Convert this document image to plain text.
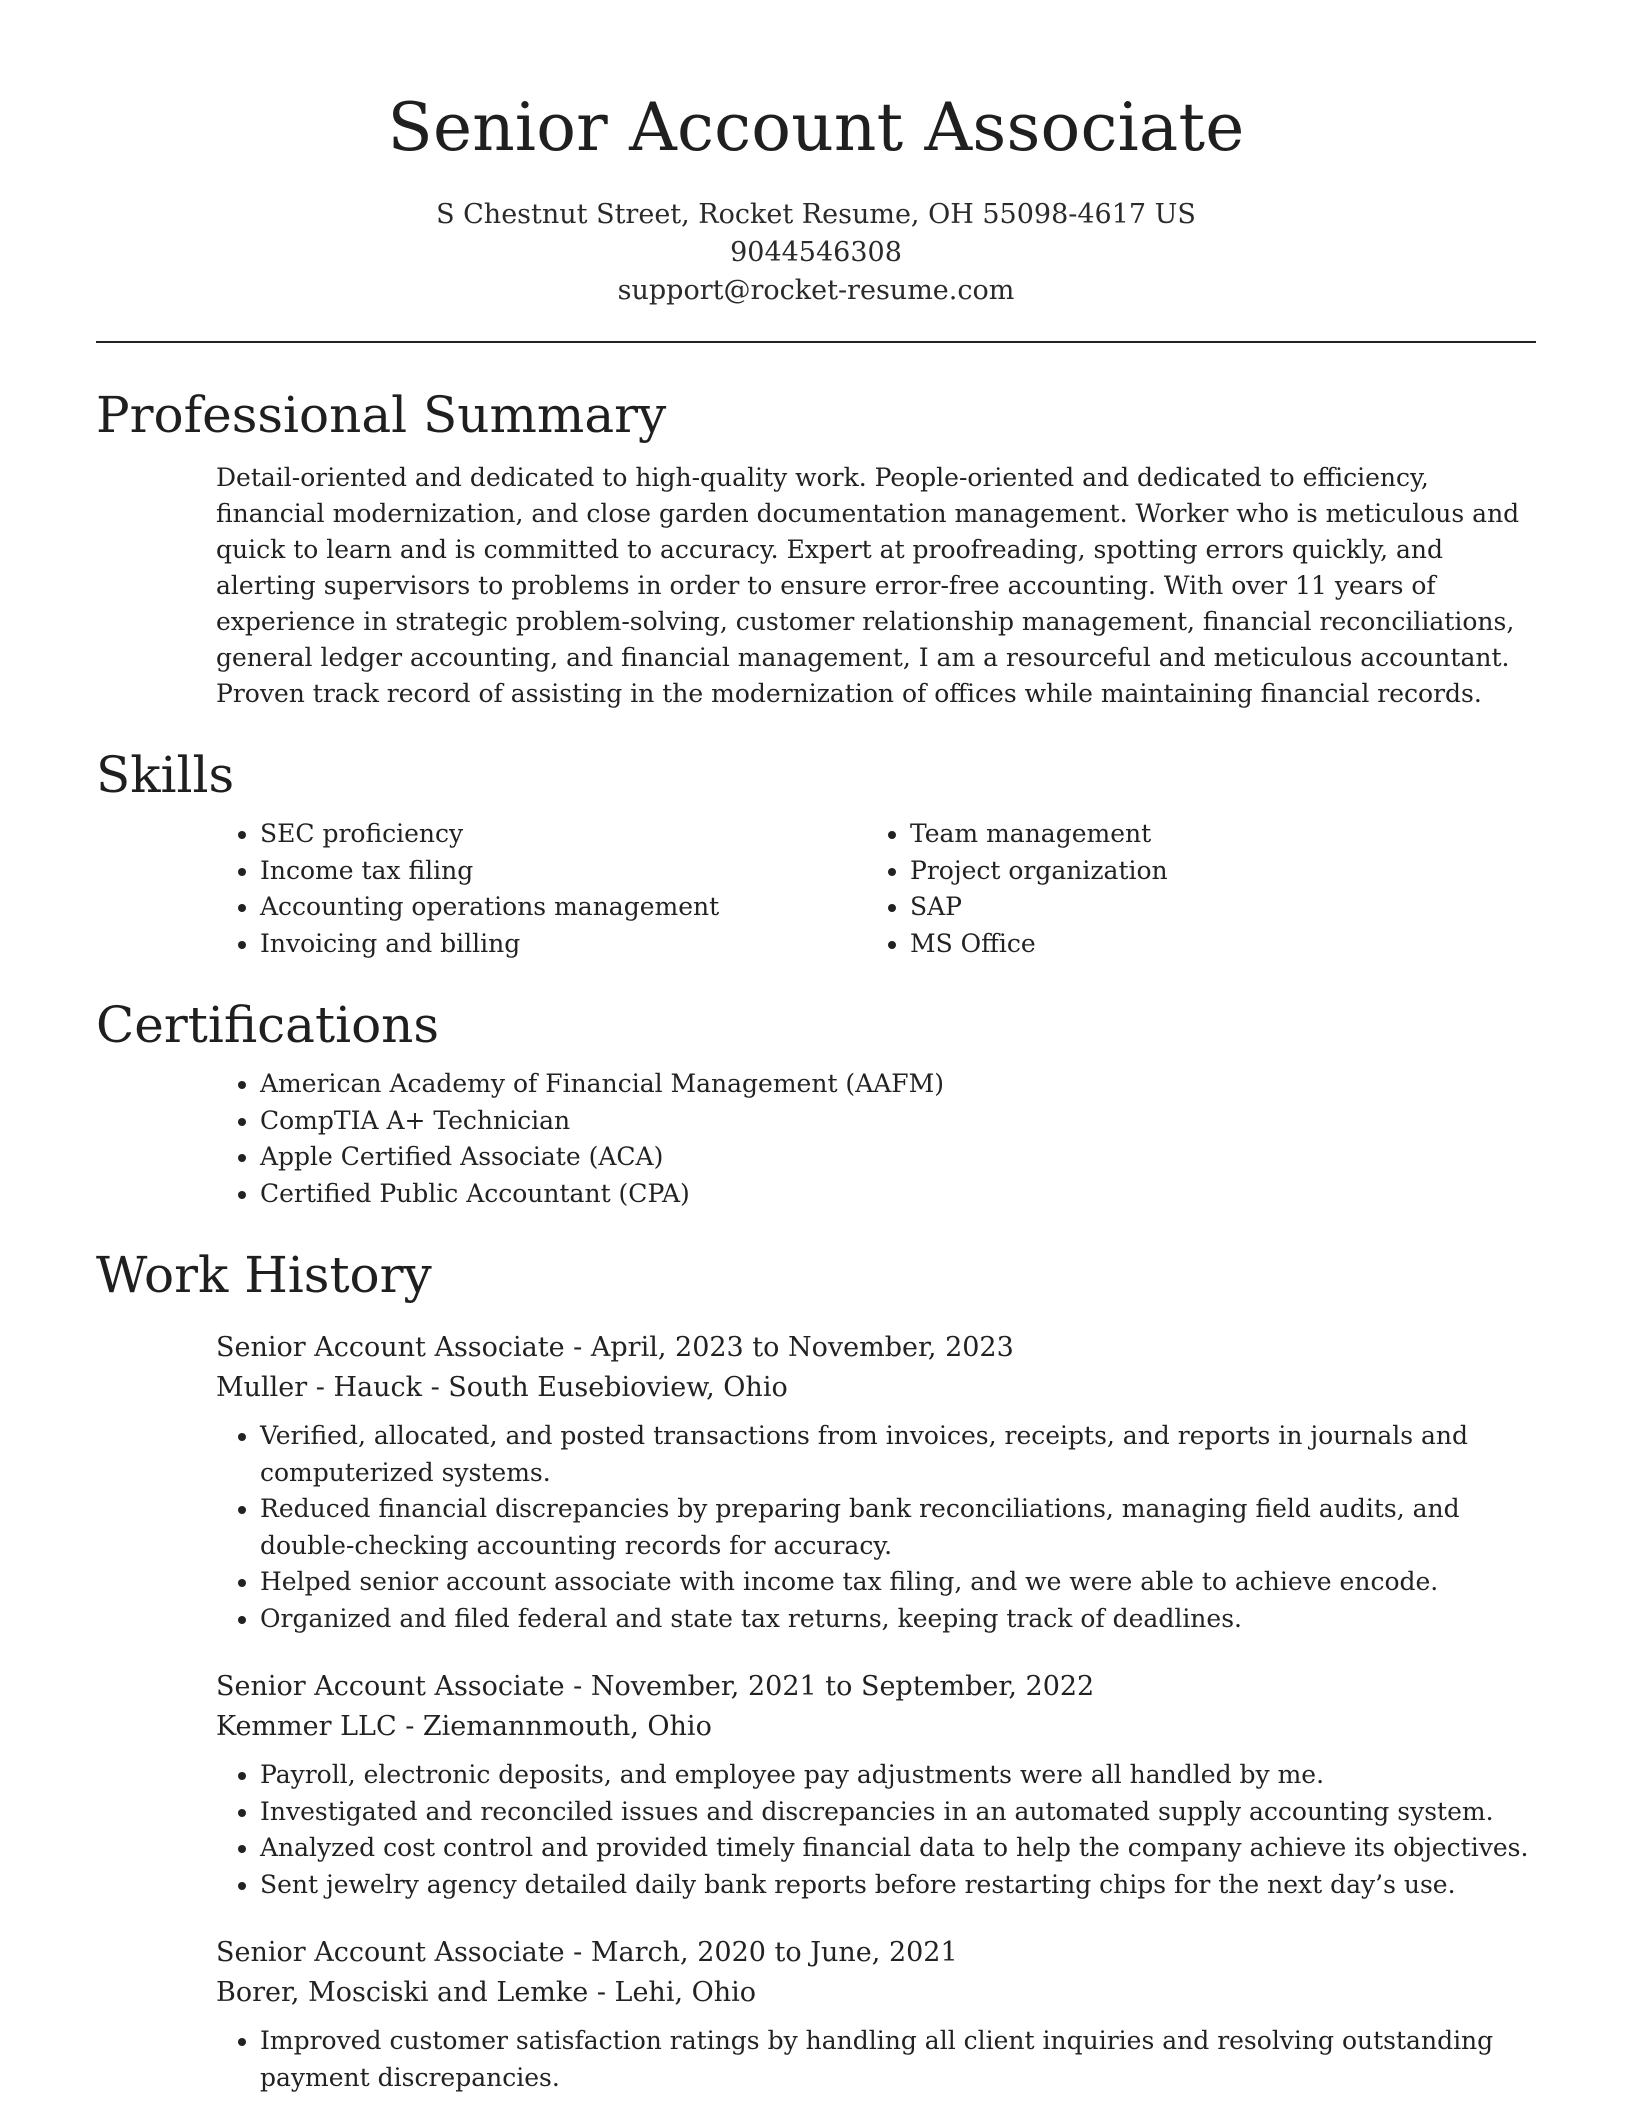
Senior Account Associate
S Chestnut Street, Rocket Resume, OH 55098-4617 US
9044546308
support@rocket-resume.com
Professional Summary

Detail-oriented and dedicated to high-quality work. People-oriented and dedicated to efficiency, financial modernization, and close garden documentation management. Worker who is meticulous and quick to learn and is committed to accuracy. Expert at proofreading, spotting errors quickly, and alerting supervisors to problems in order to ensure error-free accounting. With over 11 years of experience in strategic problem-solving, customer relationship management, financial reconciliations, general ledger accounting, and financial management, I am a resourceful and meticulous accountant. Proven track record of assisting in the modernization of offices while maintaining financial records.

Skills
• SEC proficiency
• Income tax filing
• Accounting operations management
• Invoicing and billing
• Team management
• Project organization
• SAP
• MS Office
Certifications
• American Academy of Financial Management (AAFM)
• CompTIA A+ Technician
• Apple Certified Associate (ACA)
• Certified Public Accountant (CPA)
Work History
Senior Account Associate - April, 2023 to November, 2023
Muller - Hauck - South Eusebioview, Ohio
• Verified, allocated, and posted transactions from invoices, receipts, and reports in journals and computerized systems.
• Reduced financial discrepancies by preparing bank reconciliations, managing field audits, and double-checking accounting records for accuracy.
• Helped senior account associate with income tax filing, and we were able to achieve encode.
• Organized and filed federal and state tax returns, keeping track of deadlines.
Senior Account Associate - November, 2021 to September, 2022
Kemmer LLC - Ziemannmouth, Ohio
• Payroll, electronic deposits, and employee pay adjustments were all handled by me.
• Investigated and reconciled issues and discrepancies in an automated supply accounting system.
• Analyzed cost control and provided timely financial data to help the company achieve its objectives.
• Sent jewelry agency detailed daily bank reports before restarting chips for the next day’s use.
Senior Account Associate - March, 2020 to June, 2021
Borer, Mosciski and Lemke - Lehi, Ohio
• Improved customer satisfaction ratings by handling all client inquiries and resolving outstanding payment discrepancies.
